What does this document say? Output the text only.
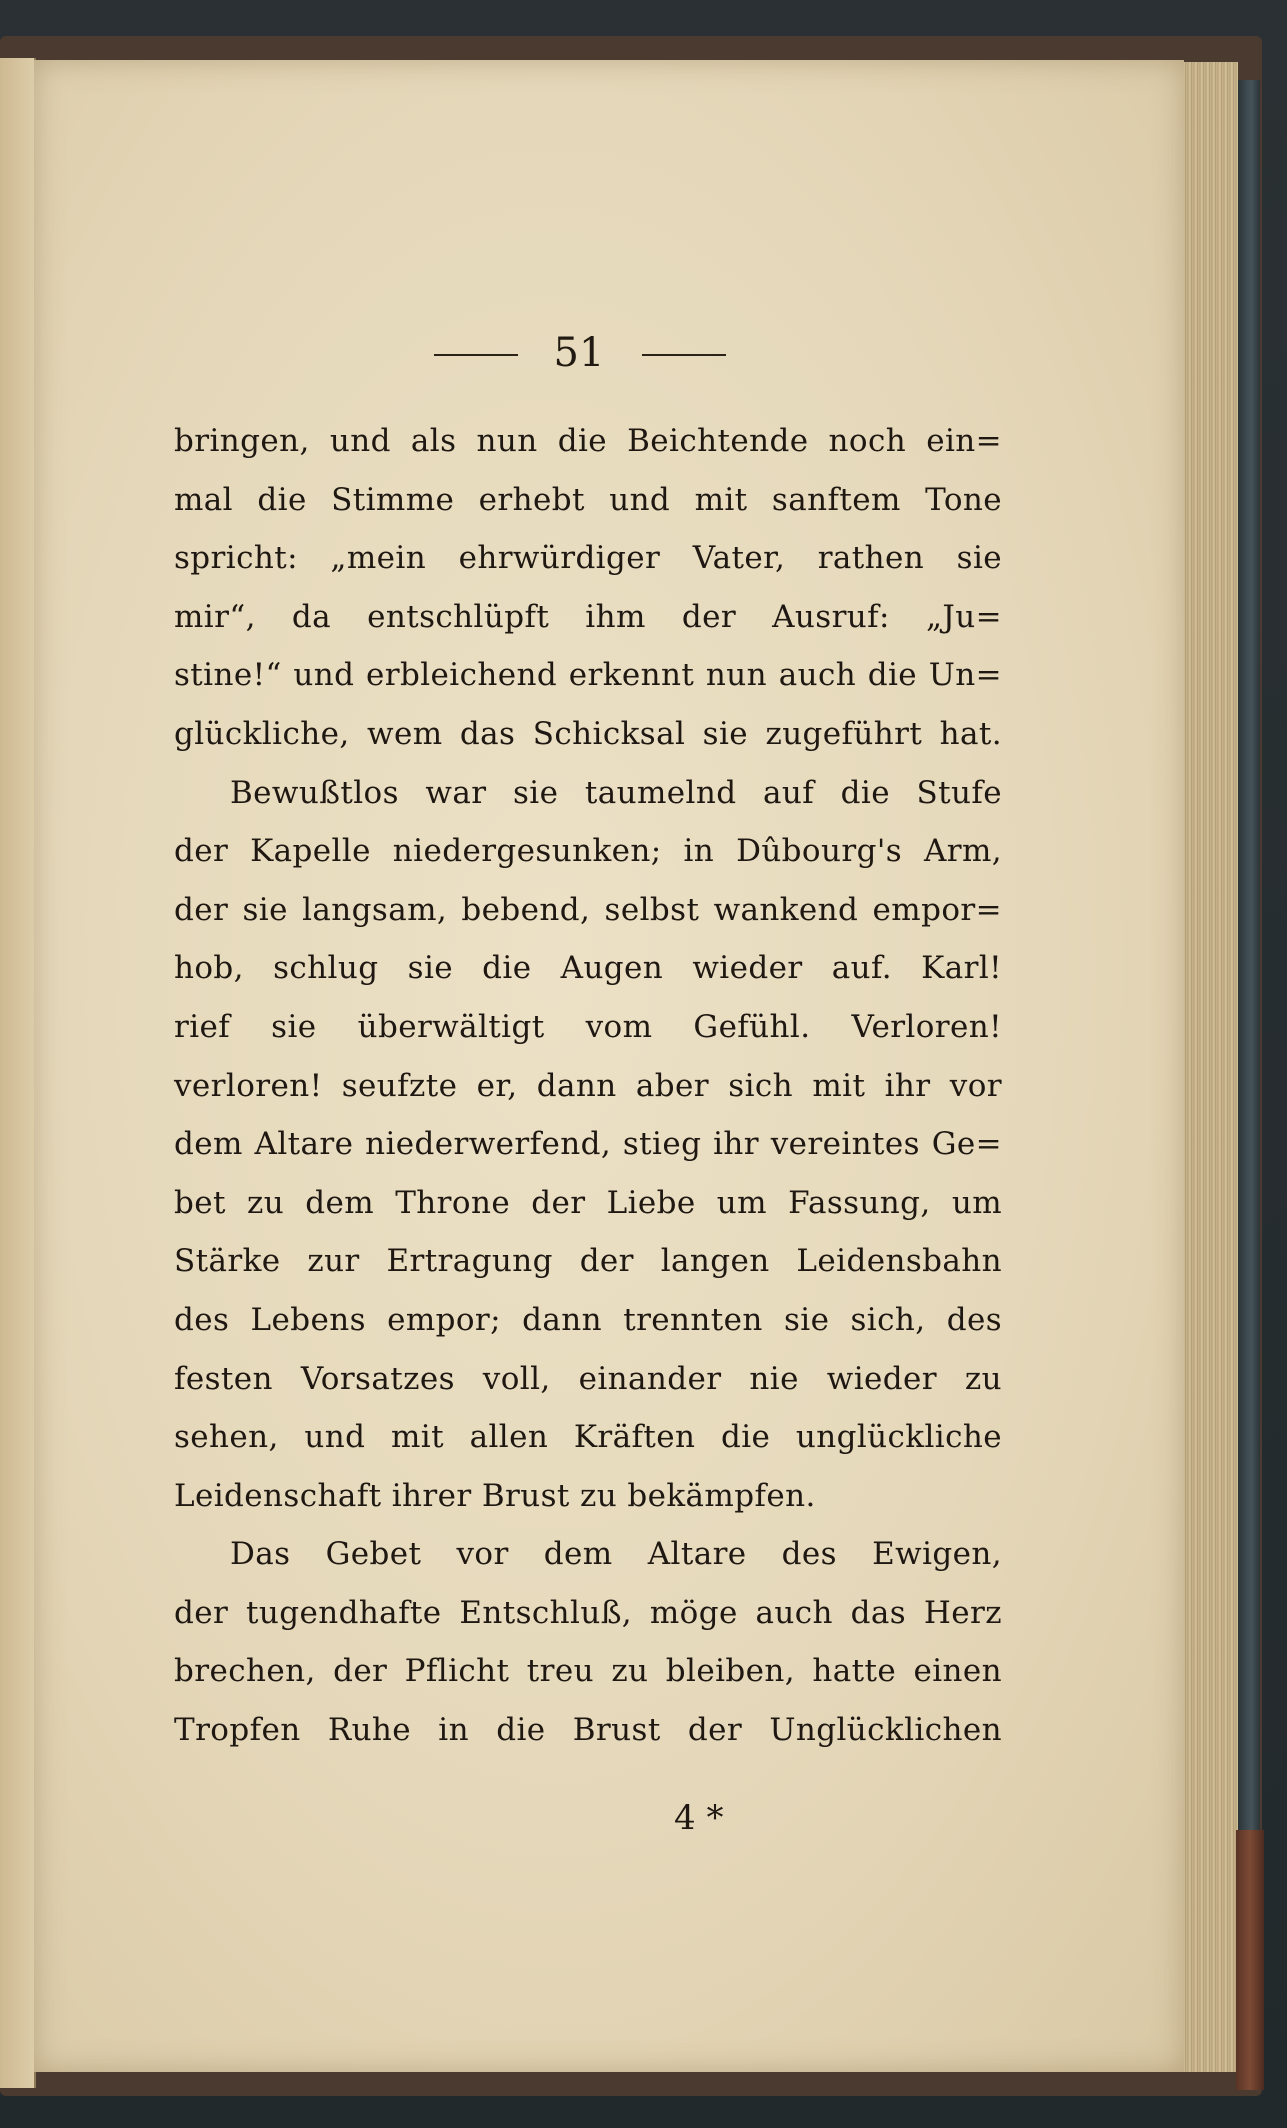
51

bringen, und als nun die Beichtende noch ein=
mal die Stimme erhebt und mit sanftem Tone
spricht: „mein ehrwürdiger Vater, rathen sie
mir“, da entschlüpft ihm der Ausruf: „Ju=
stine!“ und erbleichend erkennt nun auch die Un=
glückliche, wem das Schicksal sie zugeführt hat.

Bewußtlos war sie taumelnd auf die Stufe
der Kapelle niedergesunken; in Dûbourg's Arm,
der sie langsam, bebend, selbst wankend empor=
hob, schlug sie die Augen wieder auf. Karl!
rief sie überwältigt vom Gefühl. Verloren!
verloren! seufzte er, dann aber sich mit ihr vor
dem Altare niederwerfend, stieg ihr vereintes Ge=
bet zu dem Throne der Liebe um Fassung, um
Stärke zur Ertragung der langen Leidensbahn
des Lebens empor; dann trennten sie sich, des
festen Vorsatzes voll, einander nie wieder zu
sehen, und mit allen Kräften die unglückliche
Leidenschaft ihrer Brust zu bekämpfen.

Das Gebet vor dem Altare des Ewigen,
der tugendhafte Entschluß, möge auch das Herz
brechen, der Pflicht treu zu bleiben, hatte einen
Tropfen Ruhe in die Brust der Unglücklichen

4 *
